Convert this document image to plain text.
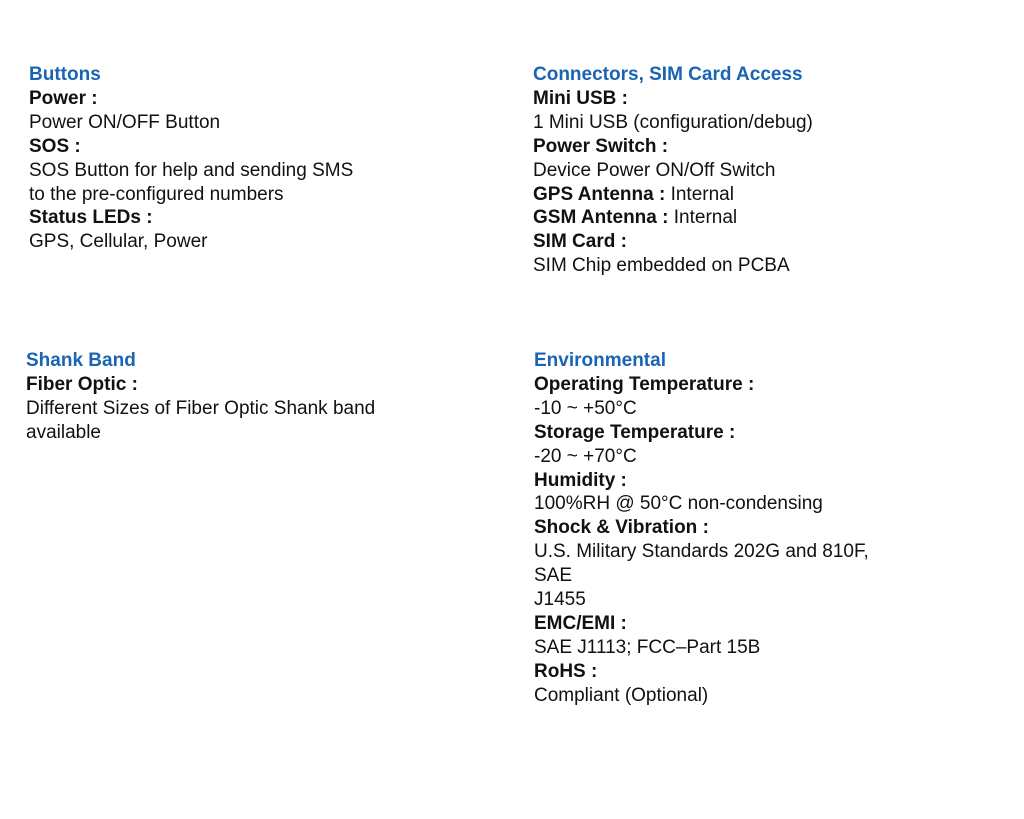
Buttons
Power :
Power ON/OFF Button
SOS :
SOS Button for help and sending SMS
to the pre-configured numbers
Status LEDs :
GPS, Cellular, Power
Connectors, SIM Card Access
Mini USB :
1 Mini USB (configuration/debug)
Power Switch :
Device Power ON/Off Switch
GPS Antenna : Internal
GSM Antenna : Internal
SIM Card :
SIM Chip embedded on PCBA
Shank Band
Fiber Optic :
Different Sizes of Fiber Optic Shank band
available
Environmental
Operating Temperature :
-10 ~ +50°C
Storage Temperature :
-20 ~ +70°C
Humidity :
100%RH @ 50°C non-condensing
Shock & Vibration :
U.S. Military Standards 202G and 810F,
SAE
J1455
EMC/EMI :
SAE J1113; FCC–Part 15B
RoHS :
Compliant (Optional)
